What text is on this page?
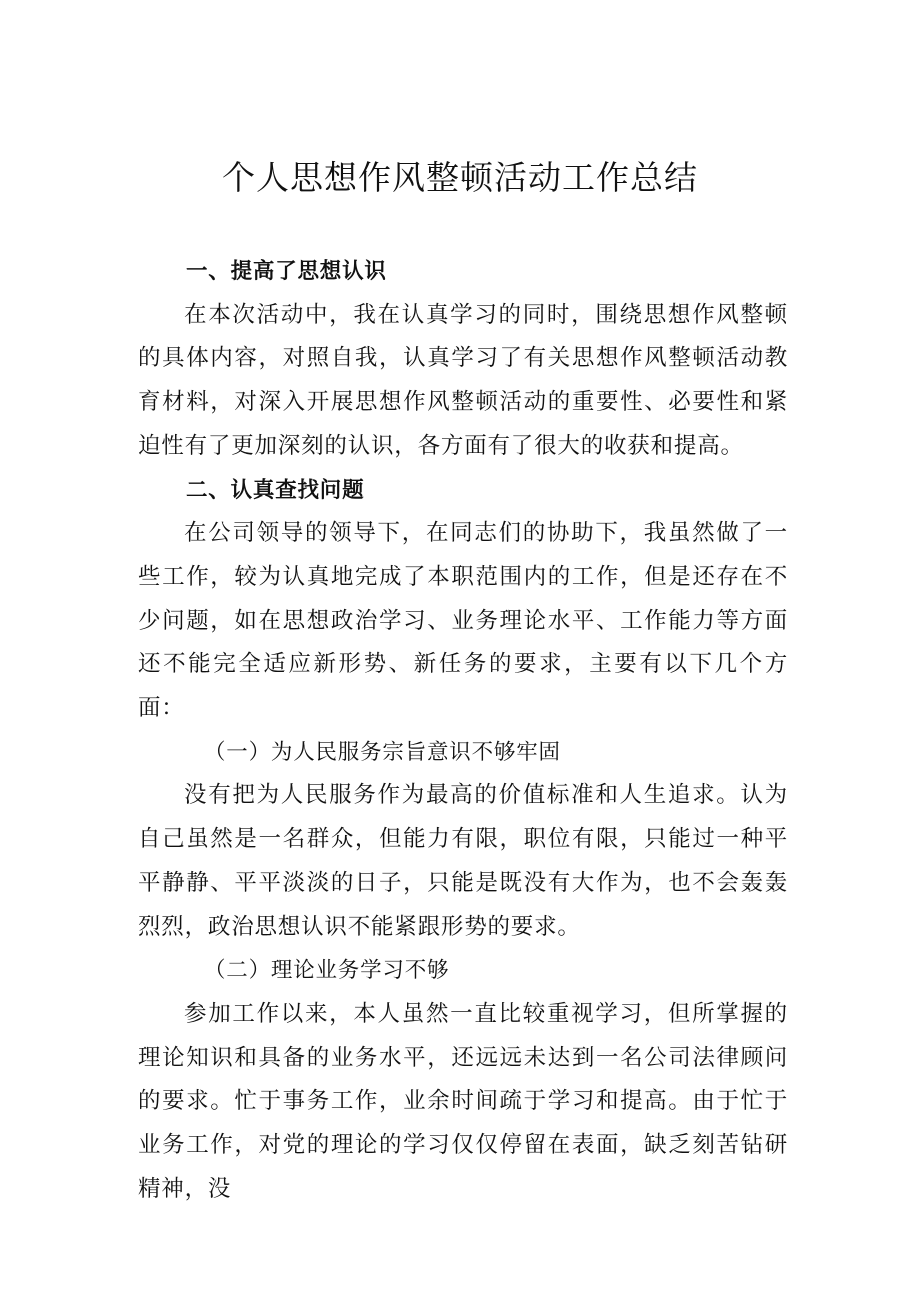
个人思想作风整顿活动工作总结

一、提高了思想认识

在本次活动中，我在认真学习的同时，围绕思想作风整顿的具体内容，对照自我，认真学习了有关思想作风整顿活动教育材料，对深入开展思想作风整顿活动的重要性、必要性和紧迫性有了更加深刻的认识，各方面有了很大的收获和提高。

二、认真查找问题

在公司领导的领导下，在同志们的协助下，我虽然做了一些工作，较为认真地完成了本职范围内的工作，但是还存在不少问题，如在思想政治学习、业务理论水平、工作能力等方面还不能完全适应新形势、新任务的要求，主要有以下几个方面：

（一）为人民服务宗旨意识不够牢固

没有把为人民服务作为最高的价值标准和人生追求。认为自己虽然是一名群众，但能力有限，职位有限，只能过一种平平静静、平平淡淡的日子，只能是既没有大作为，也不会轰轰烈烈，政治思想认识不能紧跟形势的要求。

（二）理论业务学习不够

参加工作以来，本人虽然一直比较重视学习，但所掌握的理论知识和具备的业务水平，还远远未达到一名公司法律顾问的要求。忙于事务工作，业余时间疏于学习和提高。由于忙于业务工作，对党的理论的学习仅仅停留在表面，缺乏刻苦钻研精神，没
